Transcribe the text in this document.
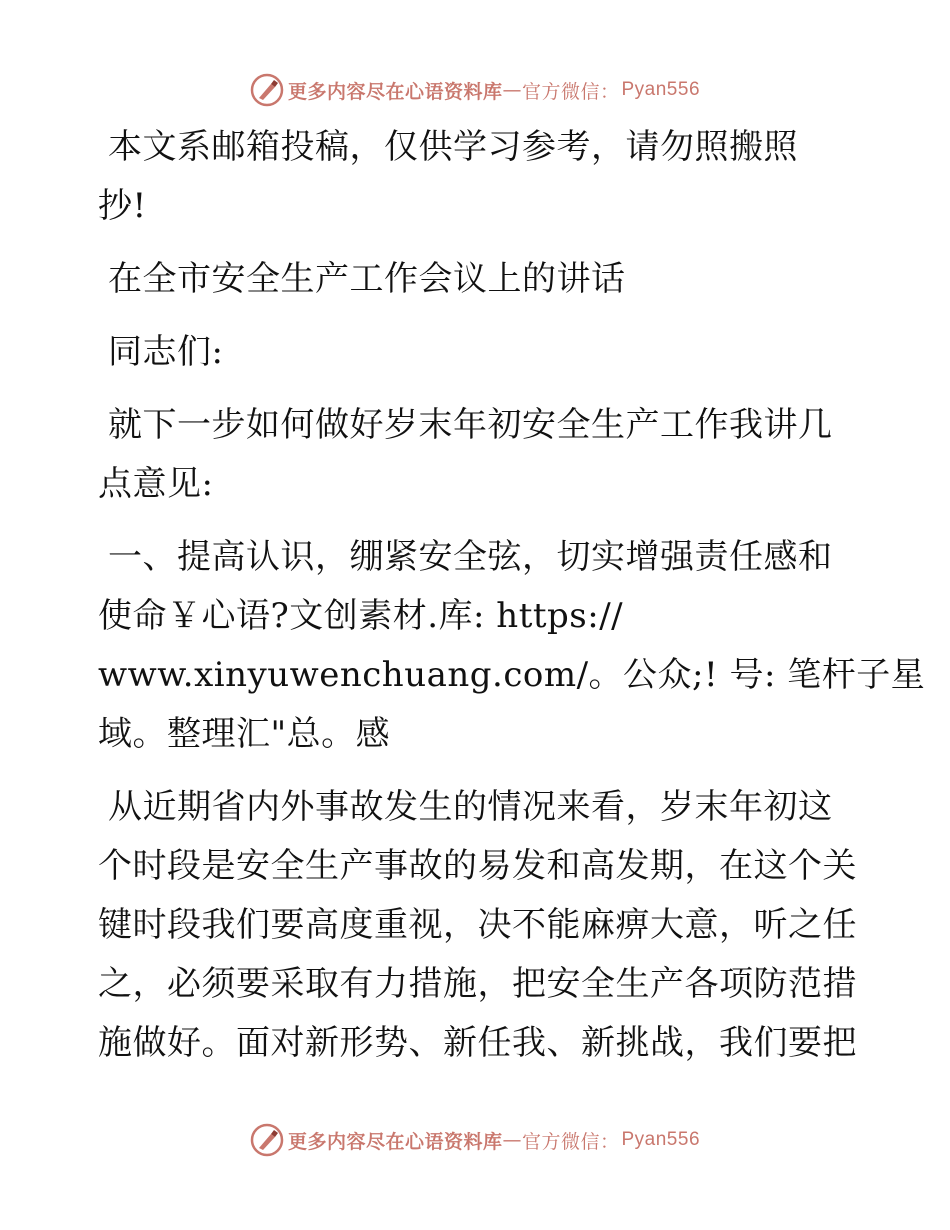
更多内容尽在心语资料库 — 官方微信： Pyan556
本文系邮箱投稿，仅供学习参考，请勿照搬照
抄!
在全市安全生产工作会议上的讲话
同志们:
就下一步如何做好岁末年初安全生产工作我讲几
点意见:
一、提高认识，绷紧安全弦，切实增强责任感和
使命￥心语?文创素材.库: https://
www.xinyuwenchuang.com/。公众;! 号: 笔杆子星
域。整理汇"总。感
从近期省内外事故发生的情况来看，岁末年初这
个时段是安全生产事故的易发和高发期，在这个关
键时段我们要高度重视，决不能麻痹大意，听之任
之，必须要采取有力措施，把安全生产各项防范措
施做好。面对新形势、新任我、新挑战，我们要把
更多内容尽在心语资料库 — 官方微信： Pyan556
